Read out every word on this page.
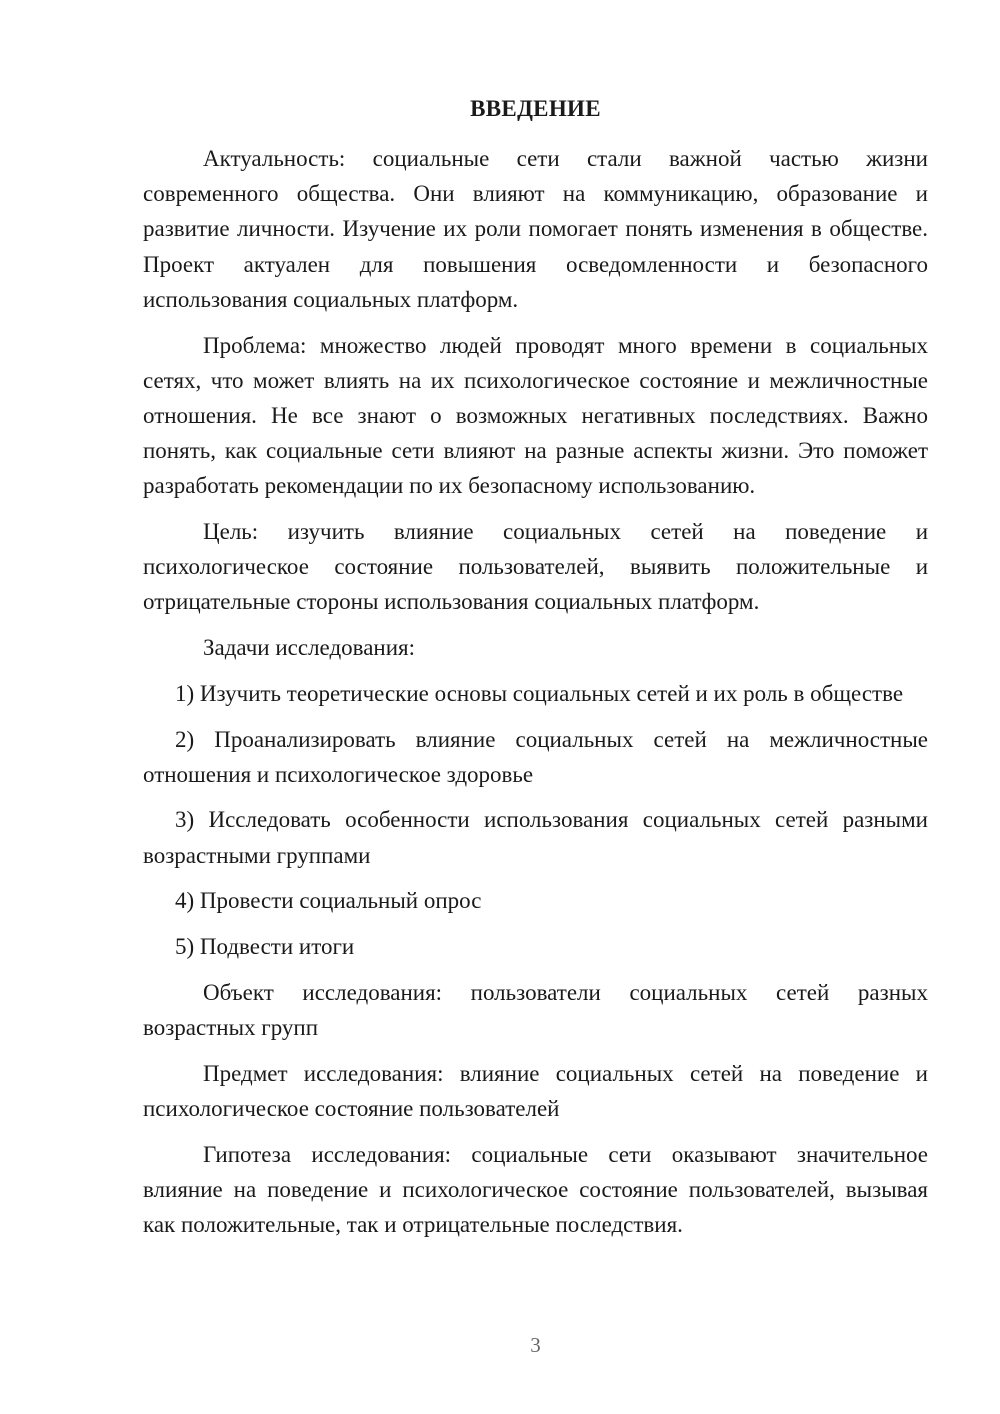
ВВЕДЕНИЕ

Актуальность: социальные сети стали важной частью жизни современного общества. Они влияют на коммуникацию, образование и развитие личности. Изучение их роли помогает понять изменения в обществе. Проект актуален для повышения осведомленности и безопасного использования социальных платформ.

Проблема: множество людей проводят много времени в социальных сетях, что может влиять на их психологическое состояние и межличностные отношения. Не все знают о возможных негативных последствиях. Важно понять, как социальные сети влияют на разные аспекты жизни. Это поможет разработать рекомендации по их безопасному использованию.

Цель: изучить влияние социальных сетей на поведение и психологическое состояние пользователей, выявить положительные и отрицательные стороны использования социальных платформ.

Задачи исследования:

1) Изучить теоретические основы социальных сетей и их роль в обществе

2) Проанализировать влияние социальных сетей на межличностные отношения и психологическое здоровье

3) Исследовать особенности использования социальных сетей разными возрастными группами

4) Провести социальный опрос

5) Подвести итоги

Объект исследования: пользователи социальных сетей разных возрастных групп

Предмет исследования: влияние социальных сетей на поведение и психологическое состояние пользователей

Гипотеза исследования: социальные сети оказывают значительное влияние на поведение и психологическое состояние пользователей, вызывая как положительные, так и отрицательные последствия.

3
